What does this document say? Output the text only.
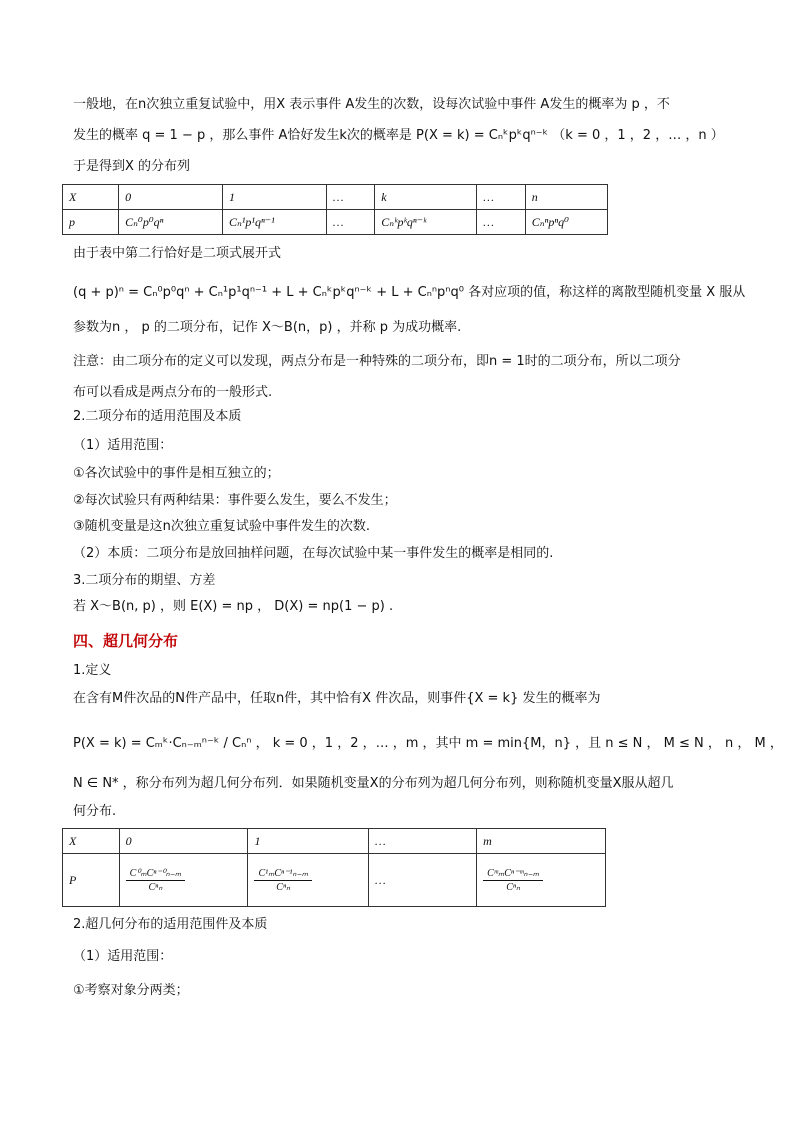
一般地，在n次独立重复试验中，用X 表示事件 A发生的次数，设每次试验中事件 A发生的概率为 p ，不
发生的概率 q = 1 − p ，那么事件 A恰好发生k次的概率是 P(X = k) = Cₙᵏpᵏqⁿ⁻ᵏ （k = 0 ，1 ，2 ，… ，n ）
于是得到X 的分布列
X	0	1	…	k	…	n
p	Cₙ⁰p⁰qⁿ	Cₙ¹p¹qⁿ⁻¹	…	Cₙᵏpᵏqⁿ⁻ᵏ	…	Cₙⁿpⁿq⁰
由于表中第二行恰好是二项式展开式
(q + p)ⁿ = Cₙ⁰p⁰qⁿ + Cₙ¹p¹qⁿ⁻¹ + L + Cₙᵏpᵏqⁿ⁻ᵏ + L + Cₙⁿpⁿq⁰ 各对应项的值，称这样的离散型随机变量 X 服从
参数为n ， p 的二项分布，记作 X～B(n，p) ，并称 p 为成功概率.
注意：由二项分布的定义可以发现，两点分布是一种特殊的二项分布，即n = 1时的二项分布，所以二项分
布可以看成是两点分布的一般形式.
2.二项分布的适用范围及本质
（1）适用范围：
①各次试验中的事件是相互独立的；
②每次试验只有两种结果：事件要么发生，要么不发生；
③随机变量是这n次独立重复试验中事件发生的次数.
（2）本质：二项分布是放回抽样问题，在每次试验中某一事件发生的概率是相同的.
3.二项分布的期望、方差
若 X～B(n, p) ，则 E(X) = np ， D(X) = np(1 − p) .
四、超几何分布
1.定义
在含有M件次品的N件产品中，任取n件，其中恰有X 件次品，则事件{X = k} 发生的概率为
P(X = k) = Cₘᵏ·Cₙ₋ₘⁿ⁻ᵏ / Cₙⁿ ， k = 0 ，1 ，2 ，… ，m ，其中 m = min{M，n} ，且 n ≤ N ， M ≤ N ， n ， M ，
N ∈ N* ，称分布列为超几何分布列．如果随机变量X的分布列为超几何分布列，则称随机变量X服从超几
何分布.
X	0	1	…	m
P	$\frac{\text{C⁰ₘCⁿ⁻⁰ₙ₋ₘ}}{\text{Cⁿₙ}}$	$\frac{\text{C¹ₘCⁿ⁻¹ₙ₋ₘ}}{\text{Cⁿₙ}}$	…	$\frac{\text{CᵐₘCⁿ⁻ᵐₙ₋ₘ}}{\text{Cⁿₙ}}$
2.超几何分布的适用范围件及本质
（1）适用范围：
①考察对象分两类；
